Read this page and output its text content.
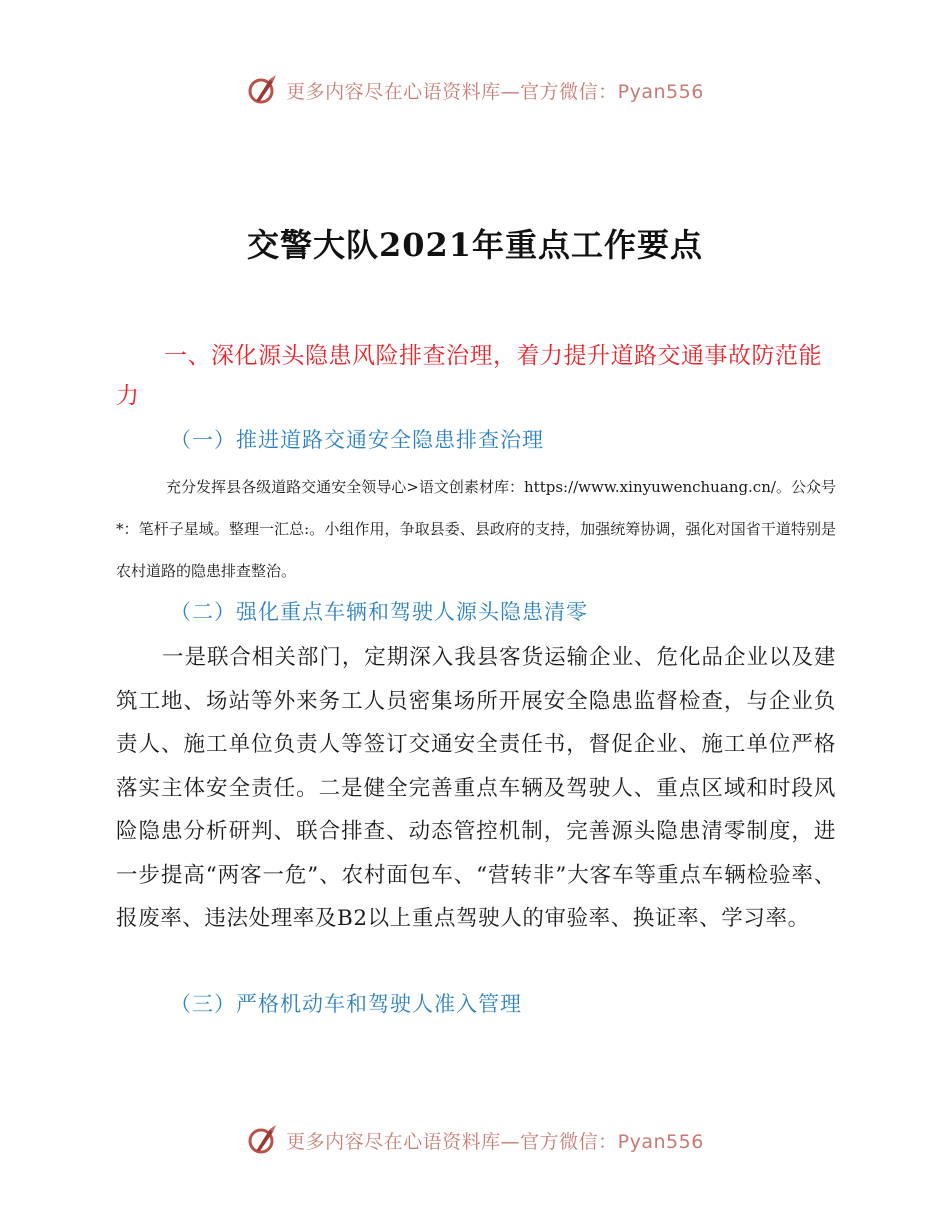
更多内容尽在心语资料库—官方微信：Pyan556
交警大队2021年重点工作要点
一、深化源头隐患风险排查治理，着力提升道路交通事故防范能力
（一）推进道路交通安全隐患排查治理
充分发挥县各级道路交通安全领导心>语文创素材库：https://www.xinyuwenchuang.cn/。公众号*：笔杆子星域。整理一汇总:。小组作用，争取县委、县政府的支持，加强统筹协调，强化对国省干道特别是农村道路的隐患排查整治。
（二）强化重点车辆和驾驶人源头隐患清零
一是联合相关部门，定期深入我县客货运输企业、危化品企业以及建筑工地、场站等外来务工人员密集场所开展安全隐患监督检查，与企业负责人、施工单位负责人等签订交通安全责任书，督促企业、施工单位严格落实主体安全责任。二是健全完善重点车辆及驾驶人、重点区域和时段风险隐患分析研判、联合排查、动态管控机制，完善源头隐患清零制度，进一步提高“两客一危”、农村面包车、“营转非”大客车等重点车辆检验率、报废率、违法处理率及B2以上重点驾驶人的审验率、换证率、学习率。
（三）严格机动车和驾驶人准入管理
更多内容尽在心语资料库—官方微信：Pyan556
